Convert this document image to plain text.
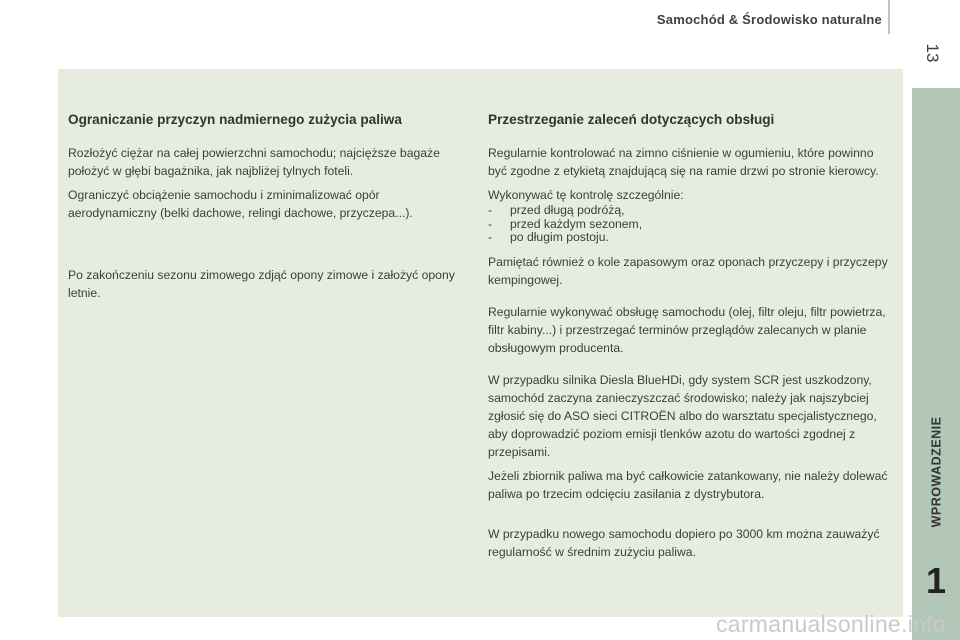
Samochód & Środowisko naturalne
13
WPROWADZENIE
1
Ograniczanie przyczyn nadmiernego zużycia paliwa

Rozłożyć ciężar na całej powierzchni samochodu; najcięższe bagaże położyć w głębi bagażnika, jak najbliżej tylnych foteli.

Ograniczyć obciążenie samochodu i zminimalizować opór aerodynamiczny (belki dachowe, relingi dachowe, przyczepa...).

Po zakończeniu sezonu zimowego zdjąć opony zimowe i założyć opony letnie.

Przestrzeganie zaleceń dotyczących obsługi

Regularnie kontrolować na zimno ciśnienie w ogumieniu, które powinno być zgodne z etykietą znajdującą się na ramie drzwi po stronie kierowcy.

Wykonywać tę kontrolę szczególnie:

- przed długą podróżą,
- przed każdym sezonem,
- po długim postoju.

Pamiętać również o kole zapasowym oraz oponach przyczepy i przyczepy kempingowej.

Regularnie wykonywać obsługę samochodu (olej, filtr oleju, filtr powietrza, filtr kabiny...) i przestrzegać terminów przeglądów zalecanych w planie obsługowym producenta.

W przypadku silnika Diesla BlueHDi, gdy system SCR jest uszkodzony, samochód zaczyna zanieczyszczać środowisko; należy jak najszybciej zgłosić się do ASO sieci CITROËN albo do warsztatu specjalistycznego, aby doprowadzić poziom emisji tlenków azotu do wartości zgodnej z przepisami.

Jeżeli zbiornik paliwa ma być całkowicie zatankowany, nie należy dolewać paliwa po trzecim odcięciu zasilania z dystrybutora.

W przypadku nowego samochodu dopiero po 3000 km można zauważyć regularność w średnim zużyciu paliwa.

carmanualsonline.info
